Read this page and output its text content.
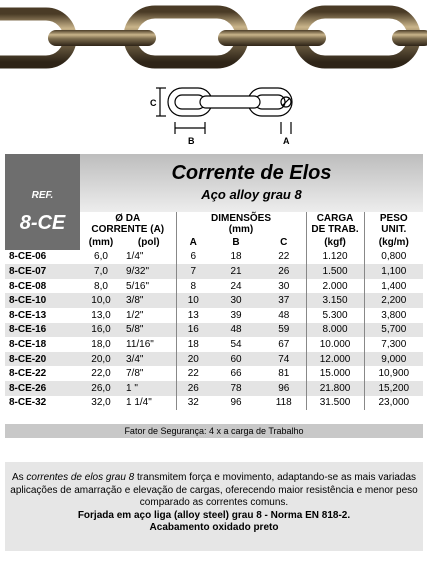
C
B	A
REF.
Corrente de Elos
Aço alloy grau 8
8-CE	Ø DA
CORRENTE (A)		DIMENSÕES
(mm)			CARGA
DE TRAB.	PESO
UNIT.
	(mm)	(pol)	A	B	C	(kgf)	(kg/m)
8-CE-06	6,0	1/4"	6	18	22	1.120	0,800
8-CE-07	7,0	9/32"	7	21	26	1.500	1,100
8-CE-08	8,0	5/16"	8	24	30	2.000	1,400
8-CE-10	10,0	3/8"	10	30	37	3.150	2,200
8-CE-13	13,0	1/2"	13	39	48	5.300	3,800
8-CE-16	16,0	5/8"	16	48	59	8.000	5,700
8-CE-18	18,0	11/16"	18	54	67	10.000	7,300
8-CE-20	20,0	3/4"	20	60	74	12.000	9,000
8-CE-22	22,0	7/8"	22	66	81	15.000	10,900
8-CE-26	26,0	1 "	26	78	96	21.800	15,200
8-CE-32	32,0	1 1/4"	32	96	118	31.500	23,000
Fator de Segurança: 4 x a carga de Trabalho

As correntes de elos grau 8 transmitem força e movimento, adaptando-se as mais variadas aplicações de amarração e elevação de cargas, oferecendo maior resistência e menor peso comparado as correntes comuns.

Forjada em aço liga (alloy steel) grau 8 - Norma EN 818-2.

Acabamento oxidado preto
